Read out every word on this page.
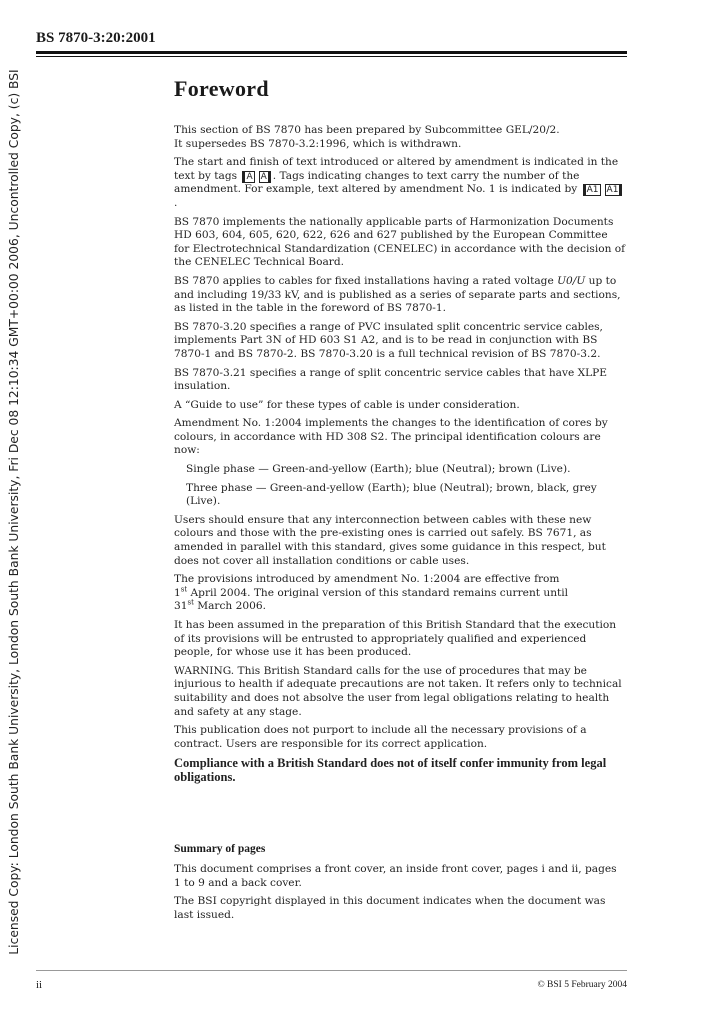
Licensed Copy: London South Bank University, London South Bank University, Fri Dec 08 12:10:34 GMT+00:00 2006, Uncontrolled Copy, (c) BSI
BS 7870-3:20:2001
Foreword

This section of BS 7870 has been prepared by Subcommittee GEL/20/2.
It supersedes BS 7870-3.2:1996, which is withdrawn.

The start and finish of text introduced or altered by amendment is indicated in the text by tags A A . Tags indicating changes to text carry the number of the amendment. For example, text altered by amendment No. 1 is indicated by A1 A1.

BS 7870 implements the nationally applicable parts of Harmonization Documents HD 603, 604, 605, 620, 622, 626 and 627 published by the European Committee for Electrotechnical Standardization (CENELEC) in accordance with the decision of the CENELEC Technical Board.

BS 7870 applies to cables for fixed installations having a rated voltage U0/U up to and including 19/33 kV, and is published as a series of separate parts and sections, as listed in the table in the foreword of BS 7870-1.

BS 7870-3.20 specifies a range of PVC insulated split concentric service cables, implements Part 3N of HD 603 S1 A2, and is to be read in conjunction with BS 7870-1 and BS 7870-2. BS 7870-3.20 is a full technical revision of BS 7870-3.2.

BS 7870-3.21 specifies a range of split concentric service cables that have XLPE insulation.

A “Guide to use” for these types of cable is under consideration.

Amendment No. 1:2004 implements the changes to the identification of cores by colours, in accordance with HD 308 S2. The principal identification colours are now:

Single phase — Green-and-yellow (Earth); blue (Neutral); brown (Live).

Three phase — Green-and-yellow (Earth); blue (Neutral); brown, black, grey (Live).

Users should ensure that any interconnection between cables with these new colours and those with the pre-existing ones is carried out safely. BS 7671, as amended in parallel with this standard, gives some guidance in this respect, but does not cover all installation conditions or cable uses.

The provisions introduced by amendment No. 1:2004 are effective from
1st April 2004. The original version of this standard remains current until
31st March 2006.

It has been assumed in the preparation of this British Standard that the execution of its provisions will be entrusted to appropriately qualified and experienced people, for whose use it has been produced.

WARNING. This British Standard calls for the use of procedures that may be injurious to health if adequate precautions are not taken. It refers only to technical suitability and does not absolve the user from legal obligations relating to health and safety at any stage.

This publication does not purport to include all the necessary provisions of a contract. Users are responsible for its correct application.

Compliance with a British Standard does not of itself confer immunity from legal obligations.

Summary of pages

This document comprises a front cover, an inside front cover, pages i and ii, pages 1 to 9 and a back cover.

The BSI copyright displayed in this document indicates when the document was last issued.

ii	© BSI 5 February 2004
